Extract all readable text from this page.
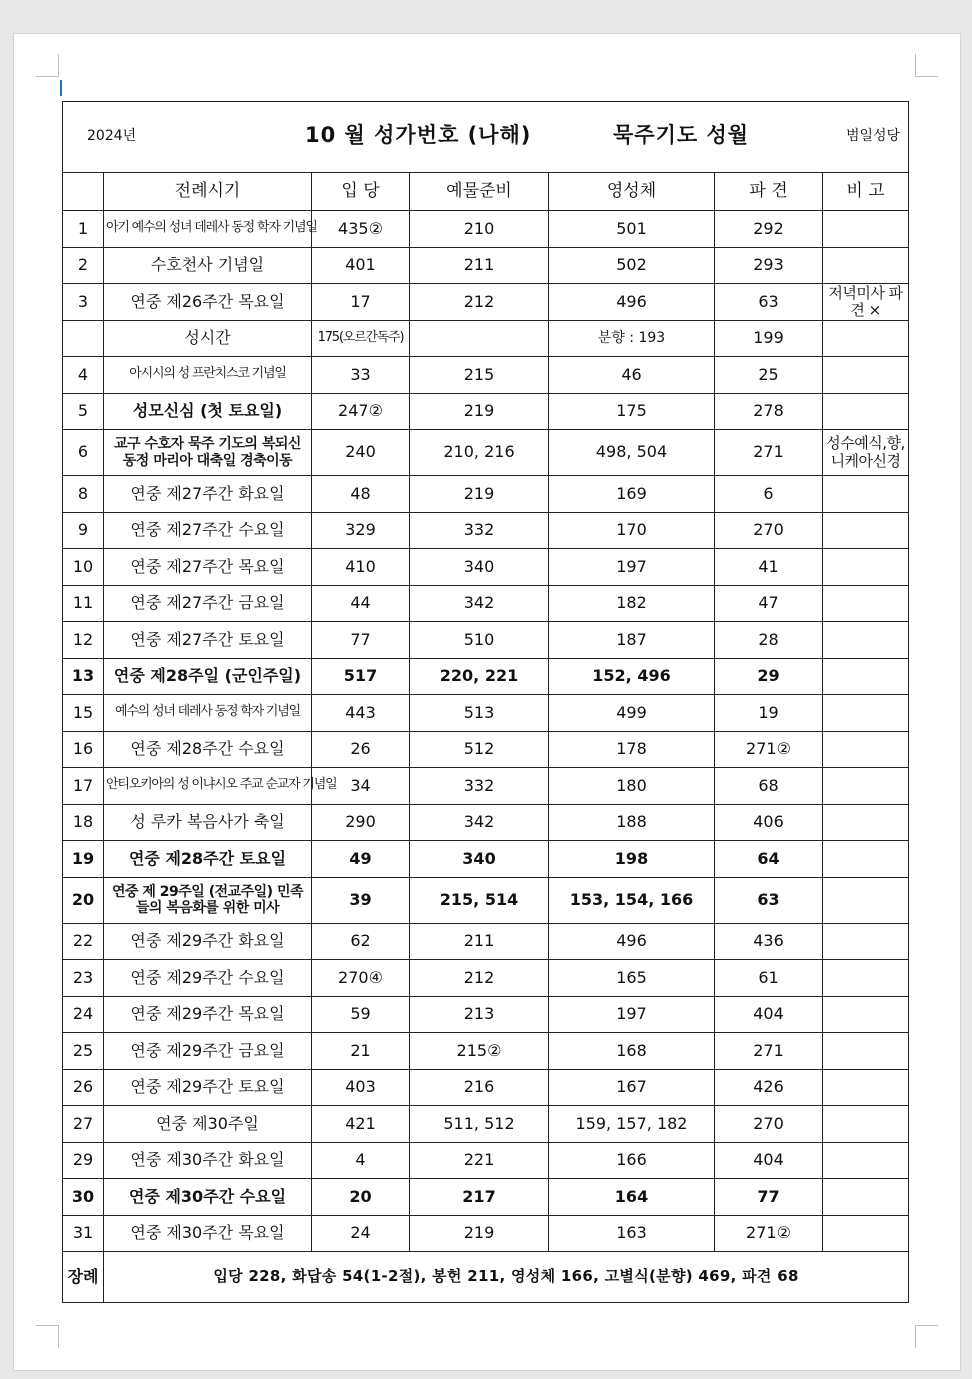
2024년 10 월 성가번호 (나해) 묵주기도 성월 범일성당						

	전례시기	입 당	예물준비	영성체	파 견	비 고
1	아기 예수의 성녀 데레사 동정 학자 기념일	435②	210	501	292	
2	수호천사 기념일	401	211	502	293	
3	연중 제26주간 목요일	17	212	496	63	저녁미사 파견 ×
	성시간	175(오르간독주)		분향 : 193	199	
4	아시시의 성 프란치스코 기념일	33	215	46	25	
5	성모신심 (첫 토요일)	247②	219	175	278	
6	교구 수호자 묵주 기도의 복되신 동정 마리아 대축일 경축이동	240	210, 216	498, 504	271	성수예식,향, 니케아신경
8	연중 제27주간 화요일	48	219	169	6	
9	연중 제27주간 수요일	329	332	170	270	
10	연중 제27주간 목요일	410	340	197	41	
11	연중 제27주간 금요일	44	342	182	47	
12	연중 제27주간 토요일	77	510	187	28	
13	연중 제28주일 (군인주일)	517	220, 221	152, 496	29	
15	예수의 성녀 데레사 동정 학자 기념일	443	513	499	19	
16	연중 제28주간 수요일	26	512	178	271②	
17	안티오키아의 성 이냐시오 주교 순교자 기념일	34	332	180	68	
18	성 루카 복음사가 축일	290	342	188	406	
19	연중 제28주간 토요일	49	340	198	64	
20	연중 제 29주일 (전교주일) 민족들의 복음화를 위한 미사	39	215, 514	153, 154, 166	63	
22	연중 제29주간 화요일	62	211	496	436	
23	연중 제29주간 수요일	270④	212	165	61	
24	연중 제29주간 목요일	59	213	197	404	
25	연중 제29주간 금요일	21	215②	168	271	
26	연중 제29주간 토요일	403	216	167	426	
27	연중 제30주일	421	511, 512	159, 157, 182	270	
29	연중 제30주간 화요일	4	221	166	404	
30	연중 제30주간 수요일	20	217	164	77	
31	연중 제30주간 목요일	24	219	163	271②	
장례	입당 228, 화답송 54(1-2절), 봉헌 211, 영성체 166, 고별식(분향) 469, 파견 68					
